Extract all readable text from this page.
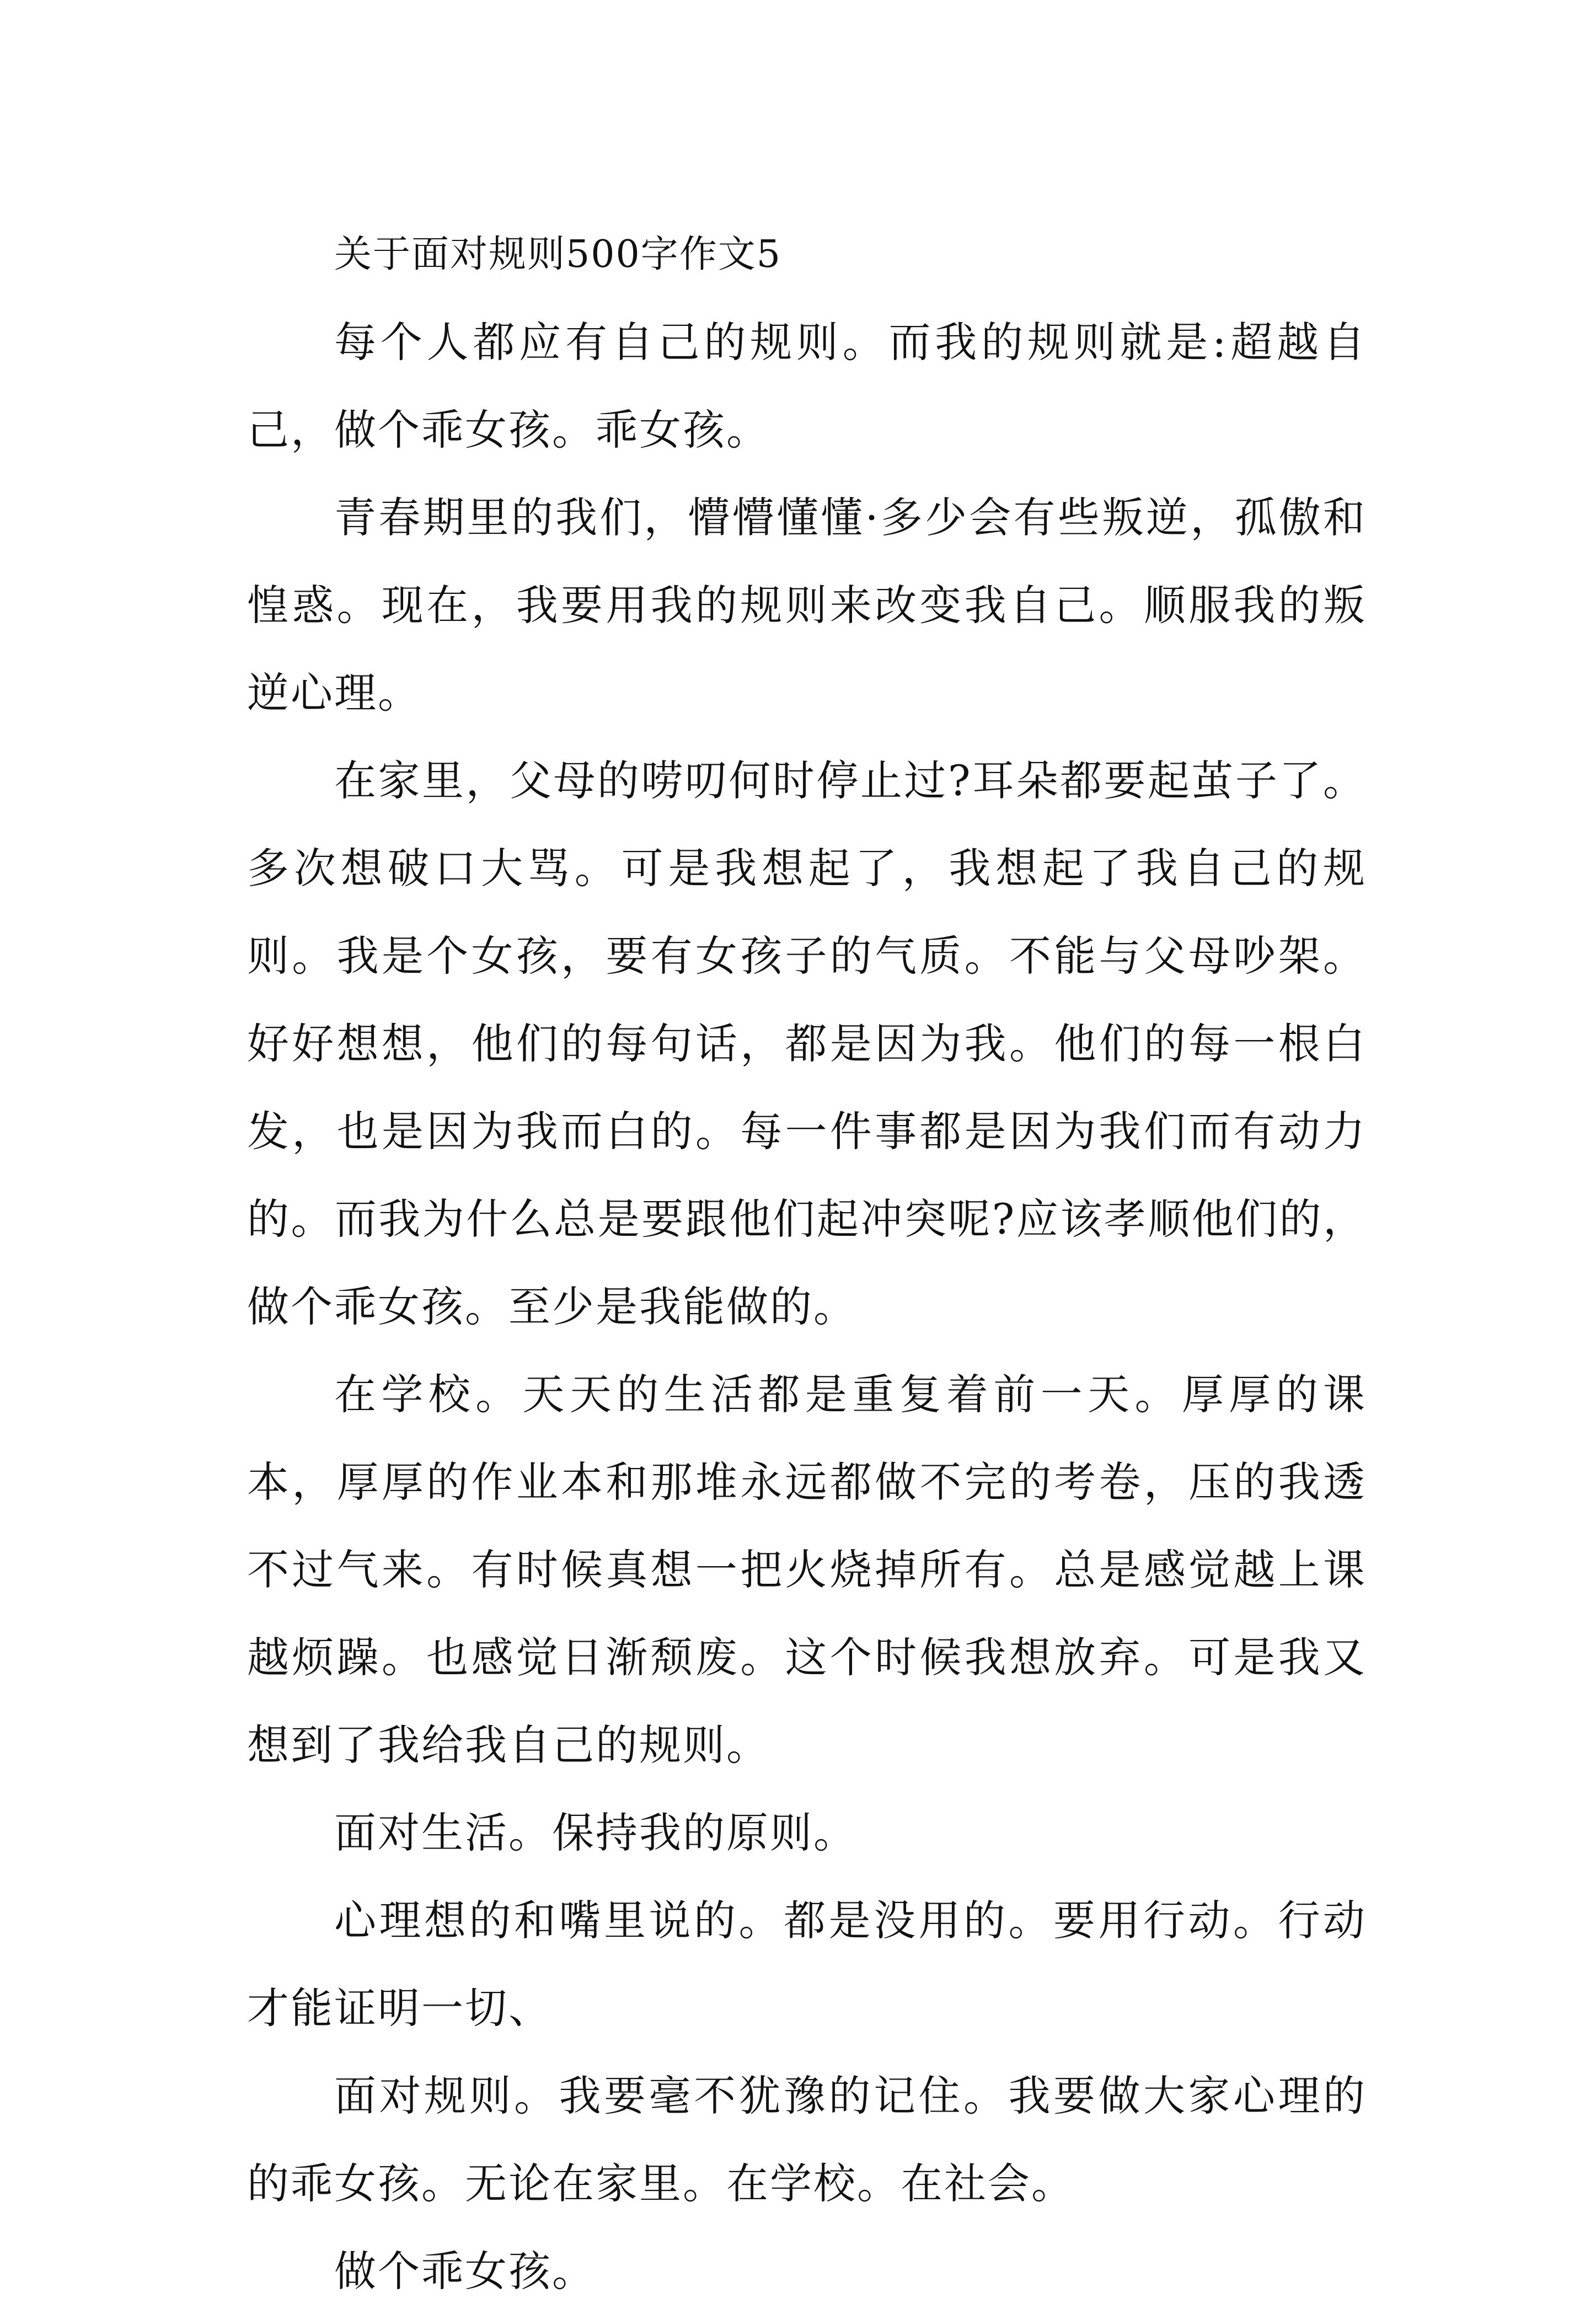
关于面对规则500字作文5

每个人都应有自己的规则。而我的规则就是:超越自己，做个乖女孩。乖女孩。

青春期里的我们，懵懵懂懂·多少会有些叛逆，孤傲和惶惑。现在，我要用我的规则来改变我自己。顺服我的叛逆心理。

在家里，父母的唠叨何时停止过?耳朵都要起茧子了。多次想破口大骂。可是我想起了，我想起了我自己的规则。我是个女孩，要有女孩子的气质。不能与父母吵架。好好想想，他们的每句话，都是因为我。他们的每一根白发，也是因为我而白的。每一件事都是因为我们而有动力的。而我为什么总是要跟他们起冲突呢?应该孝顺他们的，做个乖女孩。至少是我能做的。

在学校。天天的生活都是重复着前一天。厚厚的课本，厚厚的作业本和那堆永远都做不完的考卷，压的我透不过气来。有时候真想一把火烧掉所有。总是感觉越上课越烦躁。也感觉日渐颓废。这个时候我想放弃。可是我又想到了我给我自己的规则。

面对生活。保持我的原则。

心理想的和嘴里说的。都是没用的。要用行动。行动才能证明一切、

面对规则。我要毫不犹豫的记住。我要做大家心理的的乖女孩。无论在家里。在学校。在社会。

做个乖女孩。
